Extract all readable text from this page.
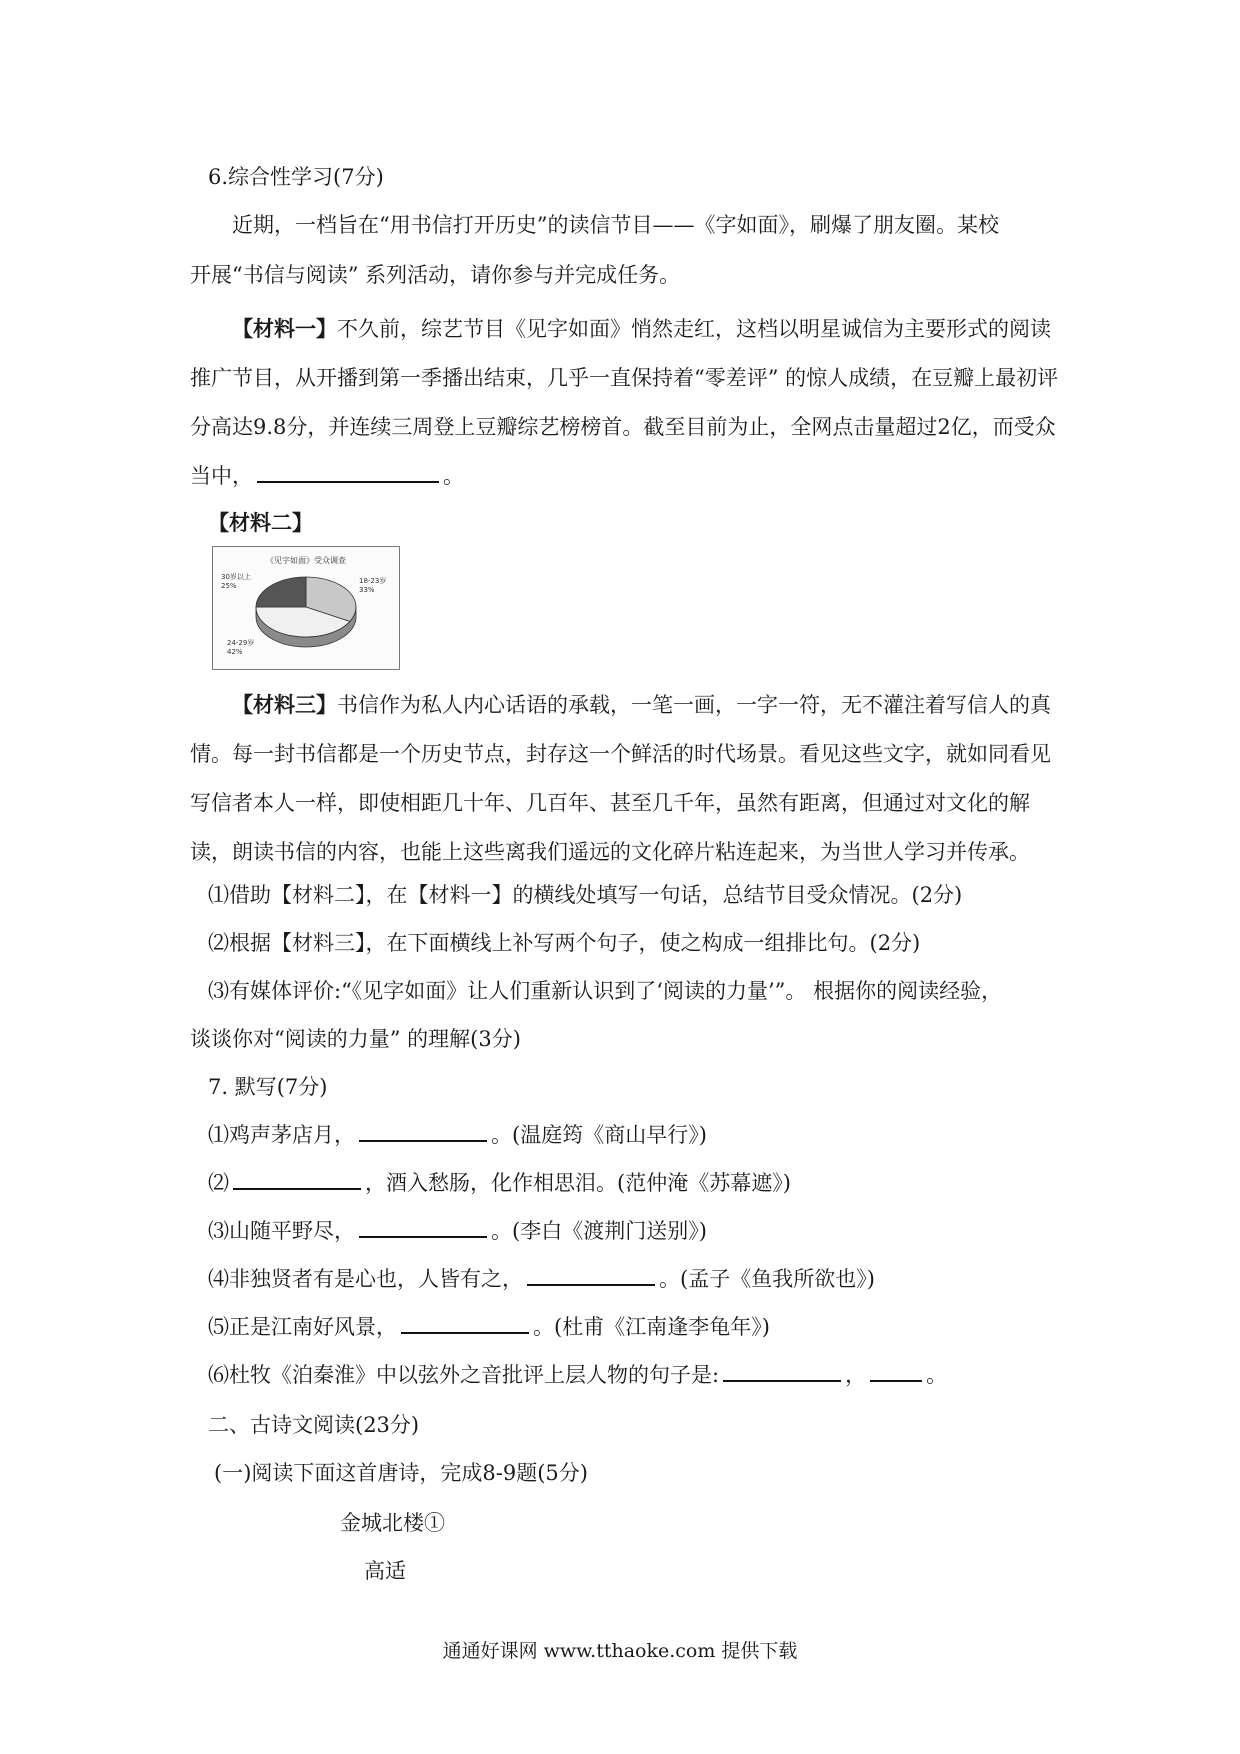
6.综合性学习(7分)
近期，一档旨在“用书信打开历史”的读信节目——《字如面》，刷爆了朋友圈。某校
开展“书信与阅读” 系列活动，请你参与并完成任务。
【材料一】不久前，综艺节目《见字如面》悄然走红，这档以明星诚信为主要形式的阅读推广节目，从开播到第一季播出结束，几乎一直保持着“零差评” 的惊人成绩，在豆瓣上最初评分高达9.8分，并连续三周登上豆瓣综艺榜榜首。截至目前为止，全网点击量超过2亿，而受众当中，	。
【材料二】
《见字如面》受众调查
18-23岁
33%
24-29岁
42%
30岁以上
25%
【材料三】书信作为私人内心话语的承载，一笔一画，一字一符，无不灌注着写信人的真情。每一封书信都是一个历史节点，封存这一个鲜活的时代场景。看见这些文字，就如同看见写信者本人一样，即使相距几十年、几百年、甚至几千年，虽然有距离，但通过对文化的解读，朗读书信的内容，也能上这些离我们遥远的文化碎片粘连起来，为当世人学习并传承。
⑴借助【材料二】，在【材料一】的横线处填写一句话，总结节目受众情况。(2分)
⑵根据【材料三】，在下面横线上补写两个句子，使之构成一组排比句。(2分)
⑶有媒体评价:“《见字如面》让人们重新认识到了‘阅读的力量’”。 根据你的阅读经验，
谈谈你对“阅读的力量” 的理解(3分)
7. 默写(7分)
⑴鸡声茅店月，	。(温庭筠《商山早行》)
⑵	，酒入愁肠，化作相思泪。(范仲淹《苏幕遮》)
⑶山随平野尽，	。(李白《渡荆门送别》)
⑷非独贤者有是心也，人皆有之，	。(孟子《鱼我所欲也》)
⑸正是江南好风景，	。(杜甫《江南逢李龟年》)
⑹杜牧《泊秦淮》中以弦外之音批评上层人物的句子是:	，	。
二、古诗文阅读(23分)
(一)阅读下面这首唐诗，完成8-9题(5分)
金城北楼①
高适
通通好课网 www.tthaoke.com 提供下载
